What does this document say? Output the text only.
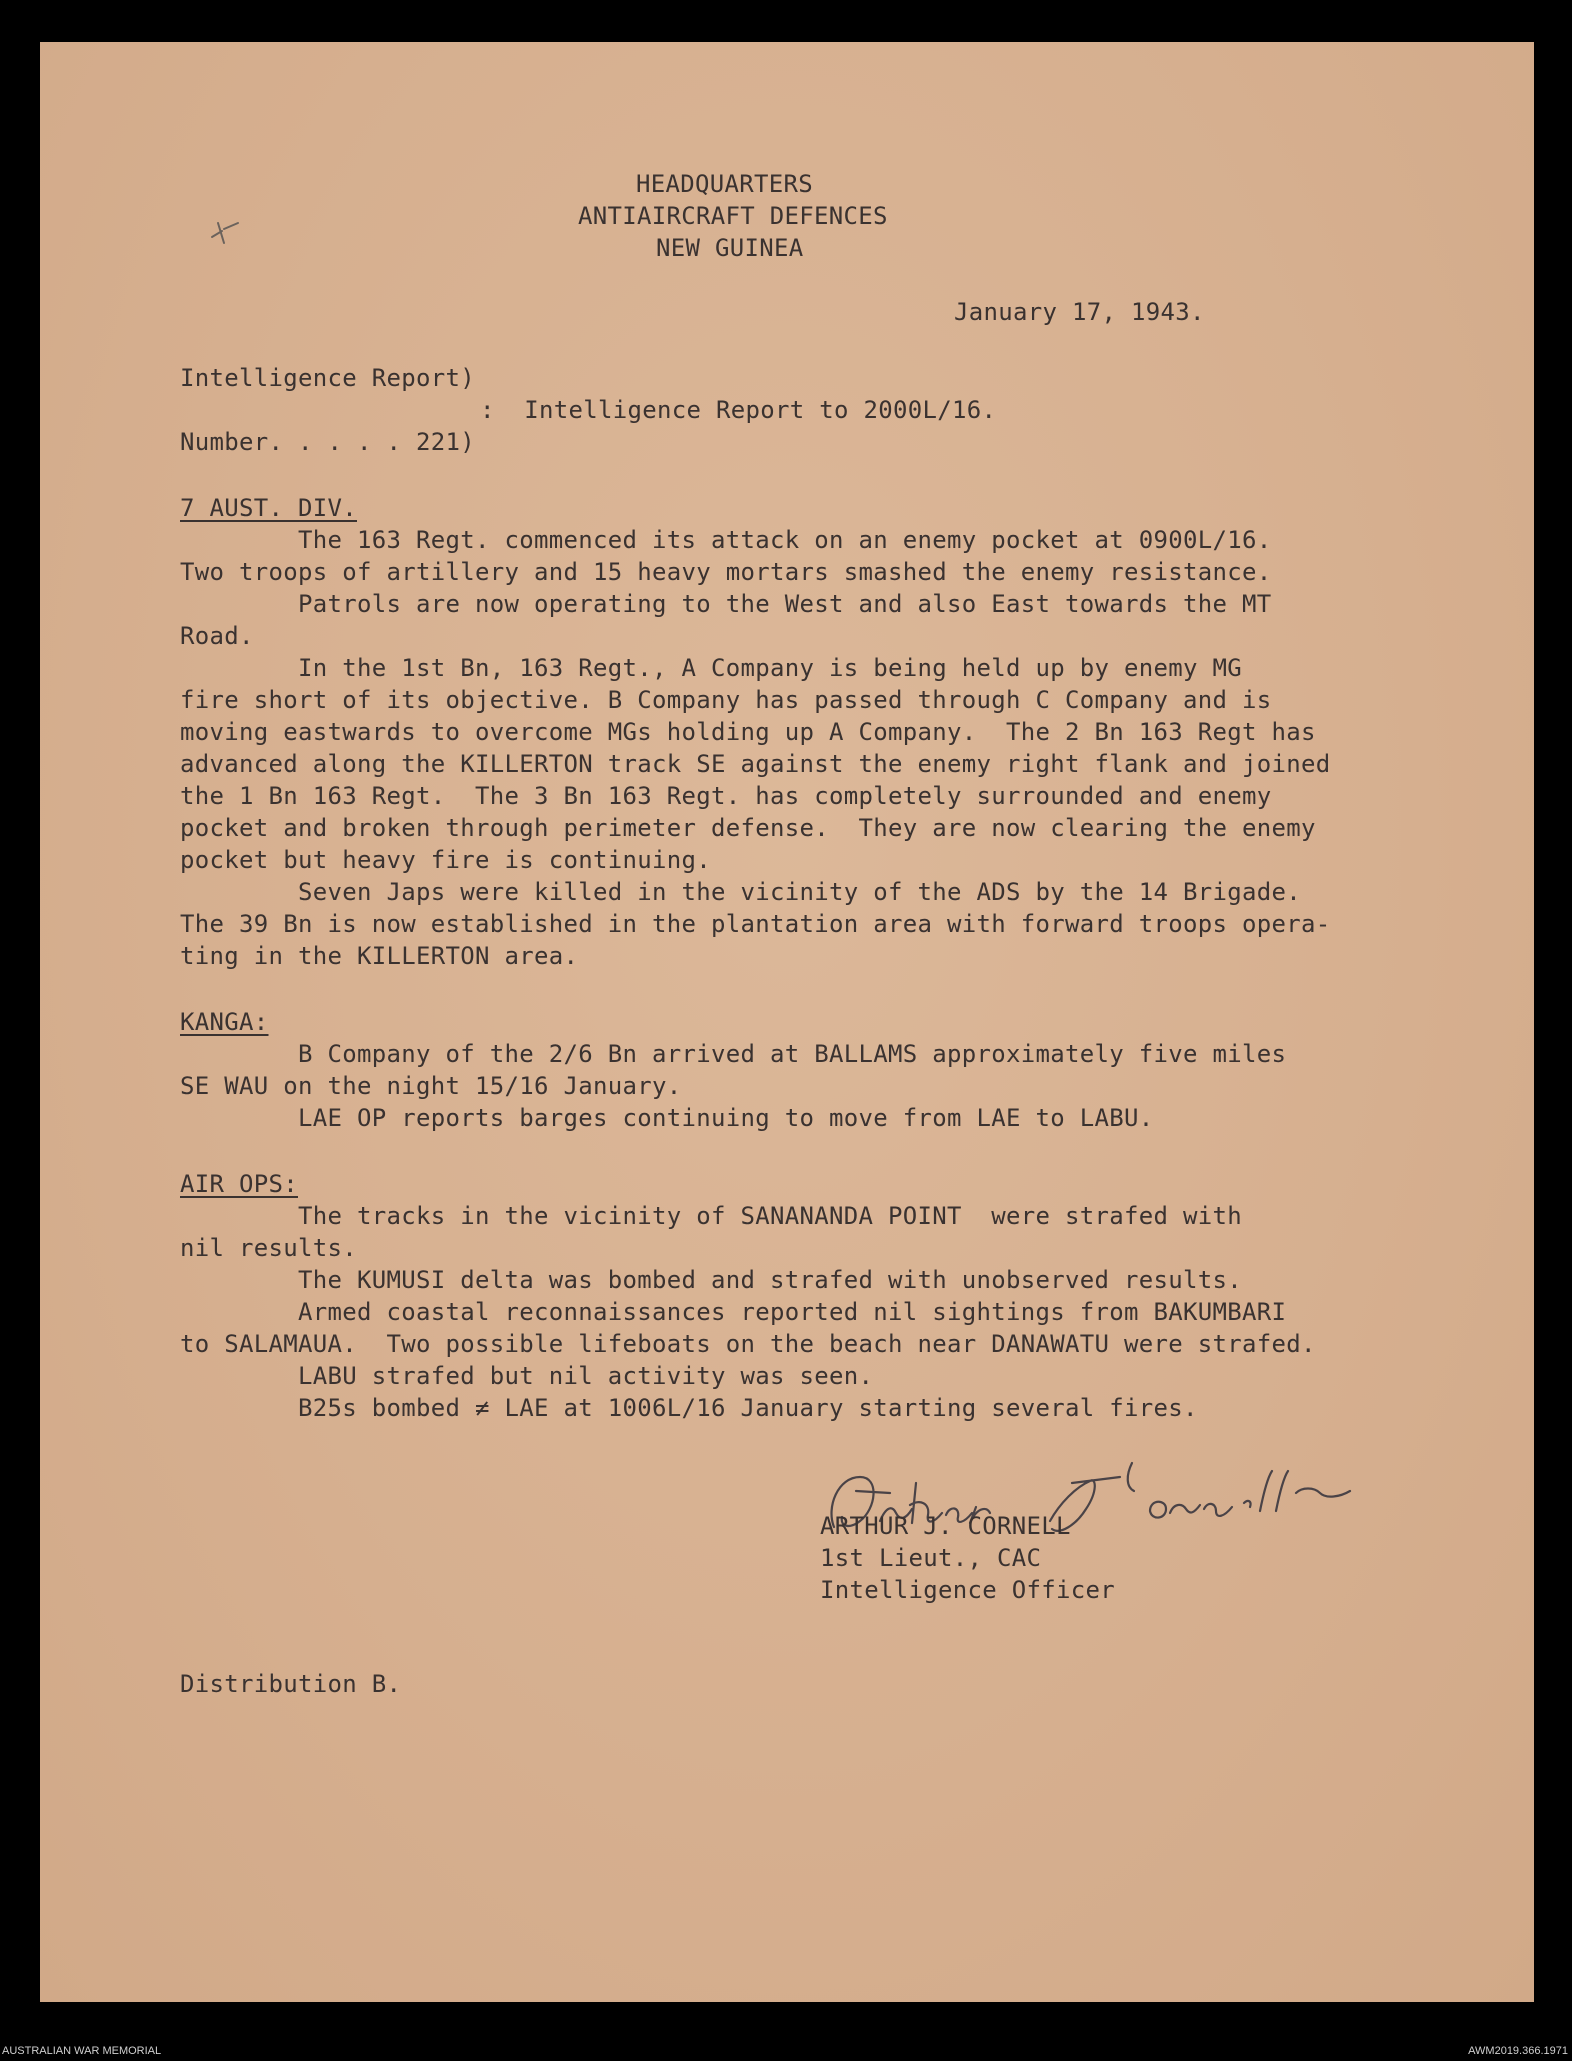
HEADQUARTERS

ANTIAIRCRAFT DEFENCES

NEW GUINEA

January 17, 1943.

Intelligence Report)

:  Intelligence Report to 2000L/16.

Number. . . . . 221)

7 AUST. DIV.

The 163 Regt. commenced its attack on an enemy pocket at 0900L/16.

Two troops of artillery and 15 heavy mortars smashed the enemy resistance.

Patrols are now operating to the West and also East towards the MT

Road.

In the 1st Bn, 163 Regt., A Company is being held up by enemy MG

fire short of its objective. B Company has passed through C Company and is

moving eastwards to overcome MGs holding up A Company.  The 2 Bn 163 Regt has

advanced along the KILLERTON track SE against the enemy right flank and joined

the 1 Bn 163 Regt.  The 3 Bn 163 Regt. has completely surrounded and enemy

pocket and broken through perimeter defense.  They are now clearing the enemy

pocket but heavy fire is continuing.

Seven Japs were killed in the vicinity of the ADS by the 14 Brigade.

The 39 Bn is now established in the plantation area with forward troops opera-

ting in the KILLERTON area.

KANGA:

B Company of the 2/6 Bn arrived at BALLAMS approximately five miles

SE WAU on the night 15/16 January.

LAE OP reports barges continuing to move from LAE to LABU.

AIR OPS:

The tracks in the vicinity of SANANANDA POINT  were strafed with

nil results.

The KUMUSI delta was bombed and strafed with unobserved results.

Armed coastal reconnaissances reported nil sightings from BAKUMBARI

to SALAMAUA.  Two possible lifeboats on the beach near DANAWATU were strafed.

LABU strafed but nil activity was seen.

B25s bombed ≠ LAE at 1006L/16 January starting several fires.

ARTHUR J. CORNELL

1st Lieut., CAC

Intelligence Officer

Distribution B.

AUSTRALIAN WAR MEMORIAL	AWM2019.366.1971
